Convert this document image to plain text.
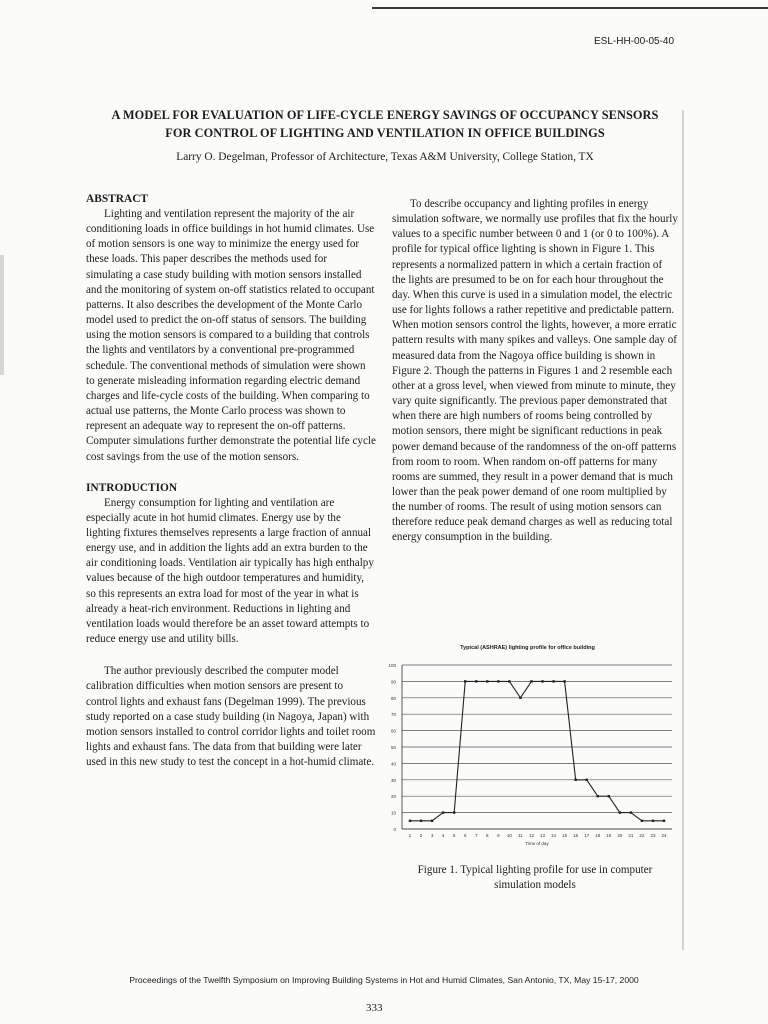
ESL-HH-00-05-40
A MODEL FOR EVALUATION OF LIFE-CYCLE ENERGY SAVINGS OF OCCUPANCY SENSORS
FOR CONTROL OF LIGHTING AND VENTILATION IN OFFICE BUILDINGS
Larry O. Degelman, Professor of Architecture, Texas A&M University, College Station, TX
ABSTRACT

Lighting and ventilation represent the majority of the air conditioning loads in office buildings in hot humid climates. Use of motion sensors is one way to minimize the energy used for these loads. This paper describes the methods used for simulating a case study building with motion sensors installed and the monitoring of system on-off statistics related to occupant patterns. It also describes the development of the Monte Carlo model used to predict the on-off status of sensors. The building using the motion sensors is compared to a building that controls the lights and ventilators by a conventional pre-programmed schedule. The conventional methods of simulation were shown to generate misleading information regarding electric demand charges and life-cycle costs of the building. When comparing to actual use patterns, the Monte Carlo process was shown to represent an adequate way to represent the on-off patterns. Computer simulations further demonstrate the potential life cycle cost savings from the use of the motion sensors.

INTRODUCTION

Energy consumption for lighting and ventilation are especially acute in hot humid climates. Energy use by the lighting fixtures themselves represents a large fraction of annual energy use, and in addition the lights add an extra burden to the air conditioning loads. Ventilation air typically has high enthalpy values because of the high outdoor temperatures and humidity, so this represents an extra load for most of the year in what is already a heat-rich environment. Reductions in lighting and ventilation loads would therefore be an asset toward attempts to reduce energy use and utility bills.

The author previously described the computer model calibration difficulties when motion sensors are present to control lights and exhaust fans (Degelman 1999). The previous study reported on a case study building (in Nagoya, Japan) with motion sensors installed to control corridor lights and toilet room lights and exhaust fans. The data from that building were later used in this new study to test the concept in a hot-humid climate.

To describe occupancy and lighting profiles in energy simulation software, we normally use profiles that fix the hourly values to a specific number between 0 and 1 (or 0 to 100%). A profile for typical office lighting is shown in Figure 1. This represents a normalized pattern in which a certain fraction of the lights are presumed to be on for each hour throughout the day. When this curve is used in a simulation model, the electric use for lights follows a rather repetitive and predictable pattern. When motion sensors control the lights, however, a more erratic pattern results with many spikes and valleys. One sample day of measured data from the Nagoya office building is shown in Figure 2. Though the patterns in Figures 1 and 2 resemble each other at a gross level, when viewed from minute to minute, they vary quite significantly. The previous paper demonstrated that when there are high numbers of rooms being controlled by motion sensors, there might be significant reductions in peak power demand because of the randomness of the on-off patterns from room to room. When random on-off patterns for many rooms are summed, they result in a power demand that is much lower than the peak power demand of one room multiplied by the number of rooms. The result of using motion sensors can therefore reduce peak demand charges as well as reducing total energy consumption in the building.

Typical (ASHRAE) lighting profile for office building
0
10
20
30
40
50
60
70
80
90
100
1 2 3 4 5 6 7 8 9 10 11 12 13 14 15 16 17 18 19 20 21 22 23 24
Time of day
Figure 1. Typical lighting profile for use in computer
simulation models
Proceedings of the Twelfth Symposium on Improving Building Systems in Hot and Humid Climates, San Antonio, TX, May 15-17, 2000
333
